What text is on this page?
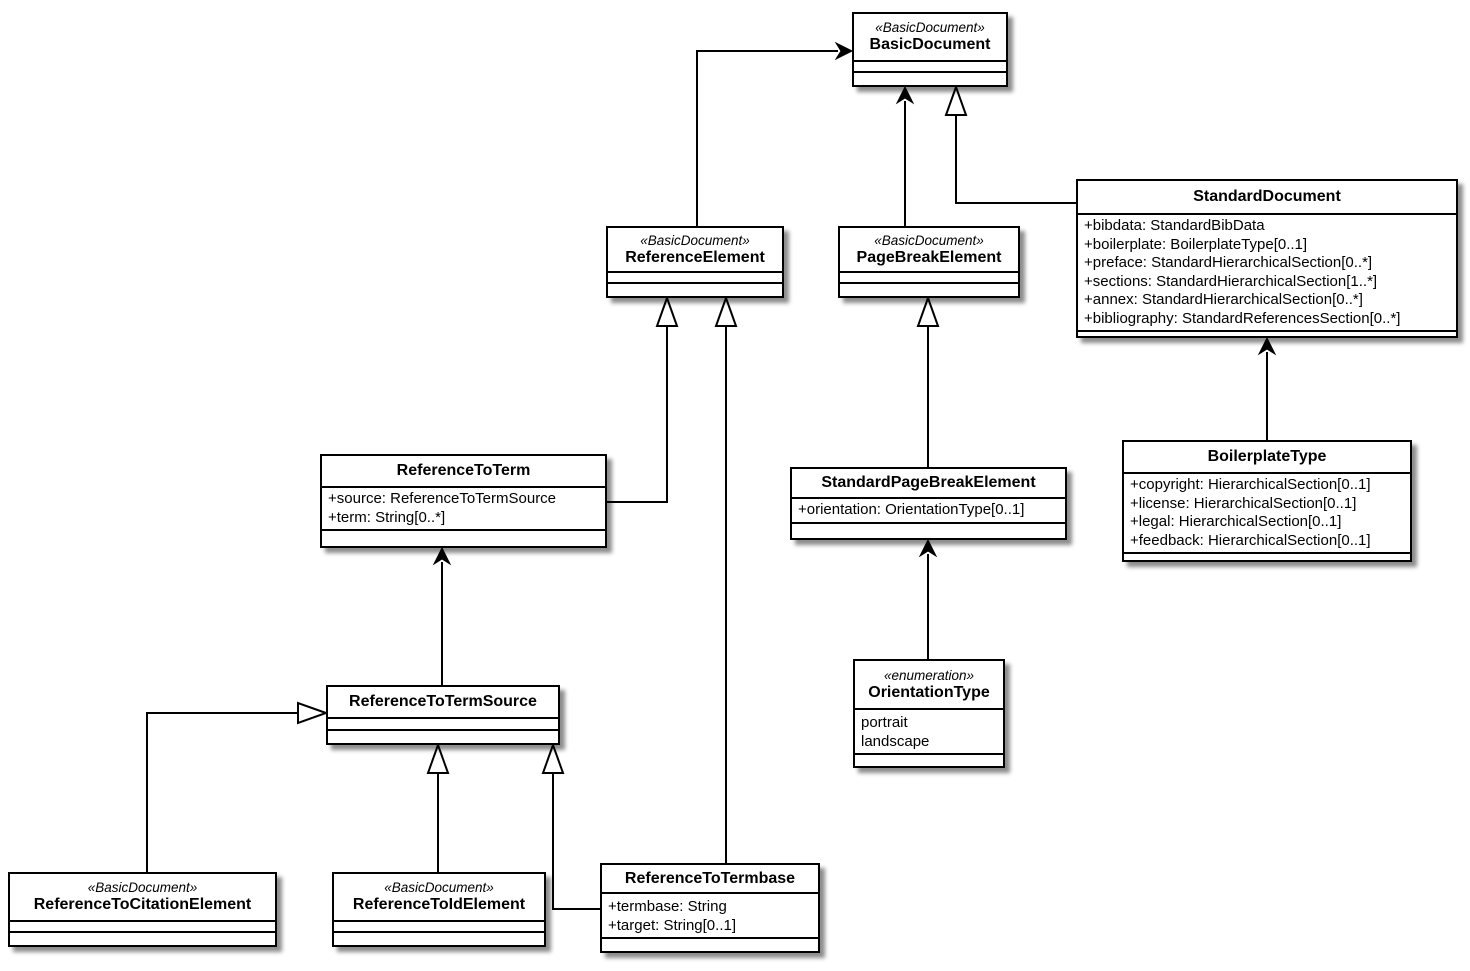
«BasicDocument»
BasicDocument
«BasicDocument»
ReferenceElement
«BasicDocument»
PageBreakElement
StandardDocument
+bibdata: StandardBibData
+boilerplate: BoilerplateType[0..1]
+preface: StandardHierarchicalSection[0..*]
+sections: StandardHierarchicalSection[1..*]
+annex: StandardHierarchicalSection[0..*]
+bibliography: StandardReferencesSection[0..*]
ReferenceToTerm
+source: ReferenceToTermSource
+term: String[0..*]
StandardPageBreakElement
+orientation: OrientationType[0..1]
BoilerplateType
+copyright: HierarchicalSection[0..1]
+license: HierarchicalSection[0..1]
+legal: HierarchicalSection[0..1]
+feedback: HierarchicalSection[0..1]
ReferenceToTermSource
«enumeration»
OrientationType
portrait
landscape
«BasicDocument»
ReferenceToCitationElement
«BasicDocument»
ReferenceToIdElement
ReferenceToTermbase
+termbase: String
+target: String[0..1]
